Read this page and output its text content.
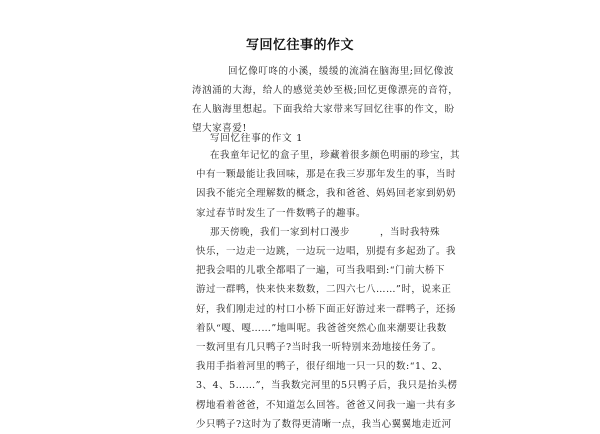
写回忆往事的作文
回忆像叮咚的小溪，缓缓的流淌在脑海里;回忆像波
涛汹涌的大海，给人的感觉美妙至极;回忆更像漂亮的音符，
在人脑海里想起。下面我给大家带来写回忆往事的作文，盼
望大家喜爱!
写回忆往事的作文 1
在我童年记忆的盒子里，珍藏着很多颜色明丽的珍宝，其
中有一颗最能让我回味，那是在我三岁那年发生的事，当时
因我不能完全理解数的概念，我和爸爸、妈妈回老家到奶奶
家过春节时发生了一件数鸭子的趣事。
那天傍晚，我们一家到村口漫步　　　，当时我特殊
快乐，一边走一边跳，一边玩一边唱，别提有多起劲了。我
把我会唱的儿歌全都唱了一遍，可当我唱到:“门前大桥下
游过一群鸭，快来快来数数，二四六七八……”时，说来正
好，我们刚走过的村口小桥下面正好游过来一群鸭子，还扬
着队“嘎、嘎……”地叫呢。我爸爸突然心血来潮要让我数
一数河里有几只鸭子?当时我一听特别来劲地接任务了。
我用手指着河里的鸭子，很仔细地一只一只的数:“1、2、
3、4、5……”，当我数完河里的5只鸭子后，我只是抬头楞
楞地看着爸爸，不知道怎么回答。爸爸又问我一遍一共有多
少只鸭子?这时为了数得更清晰一点，我当心翼翼地走近河
